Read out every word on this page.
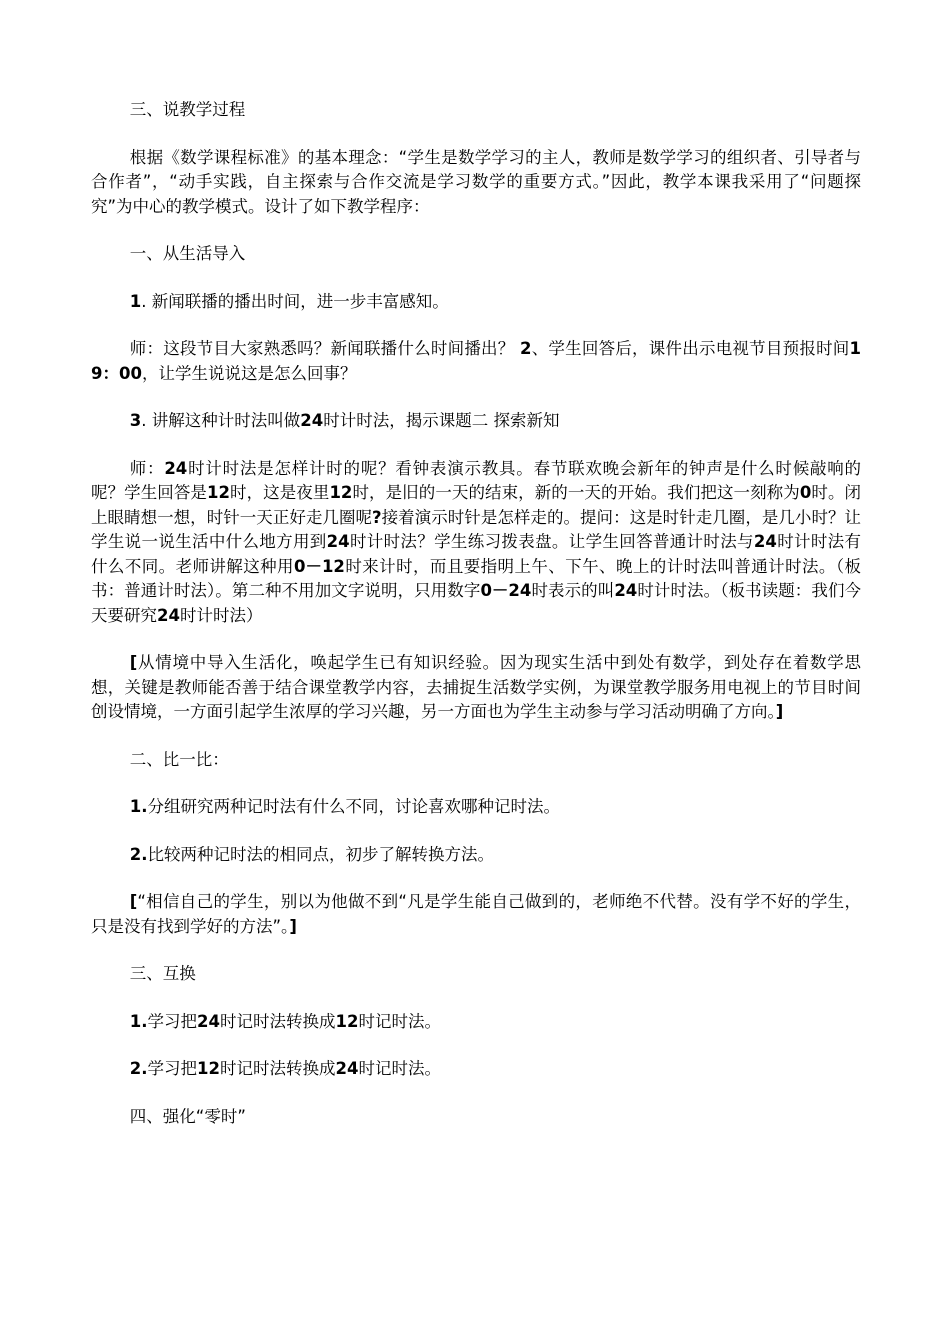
三、说教学过程

根据《数学课程标准》的基本理念：“学生是数学学习的主人，教师是数学学习的组织者、引导者与合作者”，“动手实践，自主探索与合作交流是学习数学的重要方式。”因此，教学本课我采用了“问题探究”为中心的教学模式。设计了如下教学程序：

一、从生活导入

1. 新闻联播的播出时间，进一步丰富感知。

师：这段节目大家熟悉吗？新闻联播什么时间播出？ 2、学生回答后，课件出示电视节目预报时间19：00，让学生说说这是怎么回事？

3. 讲解这种计时法叫做24时计时法，揭示课题二 探索新知

师：24时计时法是怎样计时的呢？看钟表演示教具。春节联欢晚会新年的钟声是什么时候敲响的呢？学生回答是12时，这是夜里12时，是旧的一天的结束，新的一天的开始。我们把这一刻称为0时。闭上眼睛想一想，时针一天正好走几圈呢?接着演示时针是怎样走的。提问：这是时针走几圈，是几小时？让学生说一说生活中什么地方用到24时计时法？学生练习拨表盘。让学生回答普通计时法与24时计时法有什么不同。老师讲解这种用0－12时来计时，而且要指明上午、下午、晚上的计时法叫普通计时法。（板书：普通计时法）。第二种不用加文字说明，只用数字0－24时表示的叫24时计时法。（板书读题：我们今天要研究24时计时法）

[从情境中导入生活化，唤起学生已有知识经验。因为现实生活中到处有数学，到处存在着数学思想，关键是教师能否善于结合课堂教学内容，去捕捉生活数学实例，为课堂教学服务用电视上的节目时间创设情境，一方面引起学生浓厚的学习兴趣，另一方面也为学生主动参与学习活动明确了方向。]

二、比一比：

1.分组研究两种记时法有什么不同，讨论喜欢哪种记时法。

2.比较两种记时法的相同点，初步了解转换方法。

[“相信自己的学生，别以为他做不到“凡是学生能自己做到的，老师绝不代替。没有学不好的学生，只是没有找到学好的方法”。]

三、互换

1.学习把24时记时法转换成12时记时法。

2.学习把12时记时法转换成24时记时法。

四、强化“零时”
